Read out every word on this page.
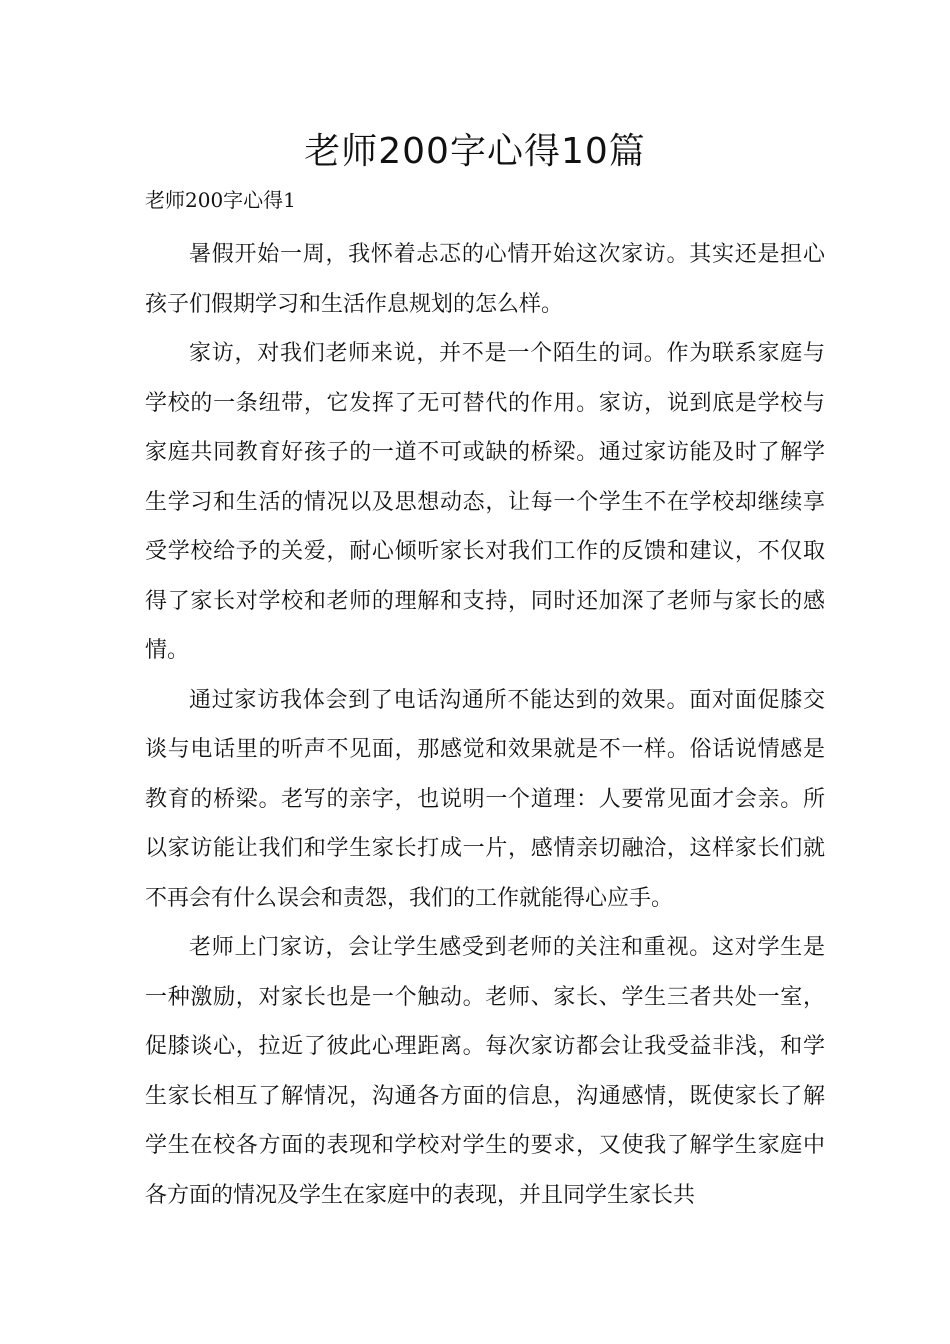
老师200字心得10篇

老师200字心得1

暑假开始一周，我怀着忐忑的心情开始这次家访。其实还是担心孩子们假期学习和生活作息规划的怎么样。

家访，对我们老师来说，并不是一个陌生的词。作为联系家庭与学校的一条纽带，它发挥了无可替代的作用。家访，说到底是学校与家庭共同教育好孩子的一道不可或缺的桥梁。通过家访能及时了解学生学习和生活的情况以及思想动态，让每一个学生不在学校却继续享受学校给予的关爱，耐心倾听家长对我们工作的反馈和建议，不仅取得了家长对学校和老师的理解和支持，同时还加深了老师与家长的感情。

通过家访我体会到了电话沟通所不能达到的效果。面对面促膝交谈与电话里的听声不见面，那感觉和效果就是不一样。俗话说情感是教育的桥梁。老写的亲字，也说明一个道理：人要常见面才会亲。所以家访能让我们和学生家长打成一片，感情亲切融洽，这样家长们就不再会有什么误会和责怨，我们的工作就能得心应手。

老师上门家访，会让学生感受到老师的关注和重视。这对学生是一种激励，对家长也是一个触动。老师、家长、学生三者共处一室，促膝谈心，拉近了彼此心理距离。每次家访都会让我受益非浅，和学生家长相互了解情况，沟通各方面的信息，沟通感情，既使家长了解学生在校各方面的表现和学校对学生的要求，又使我了解学生家庭中各方面的情况及学生在家庭中的表现，并且同学生家长共
